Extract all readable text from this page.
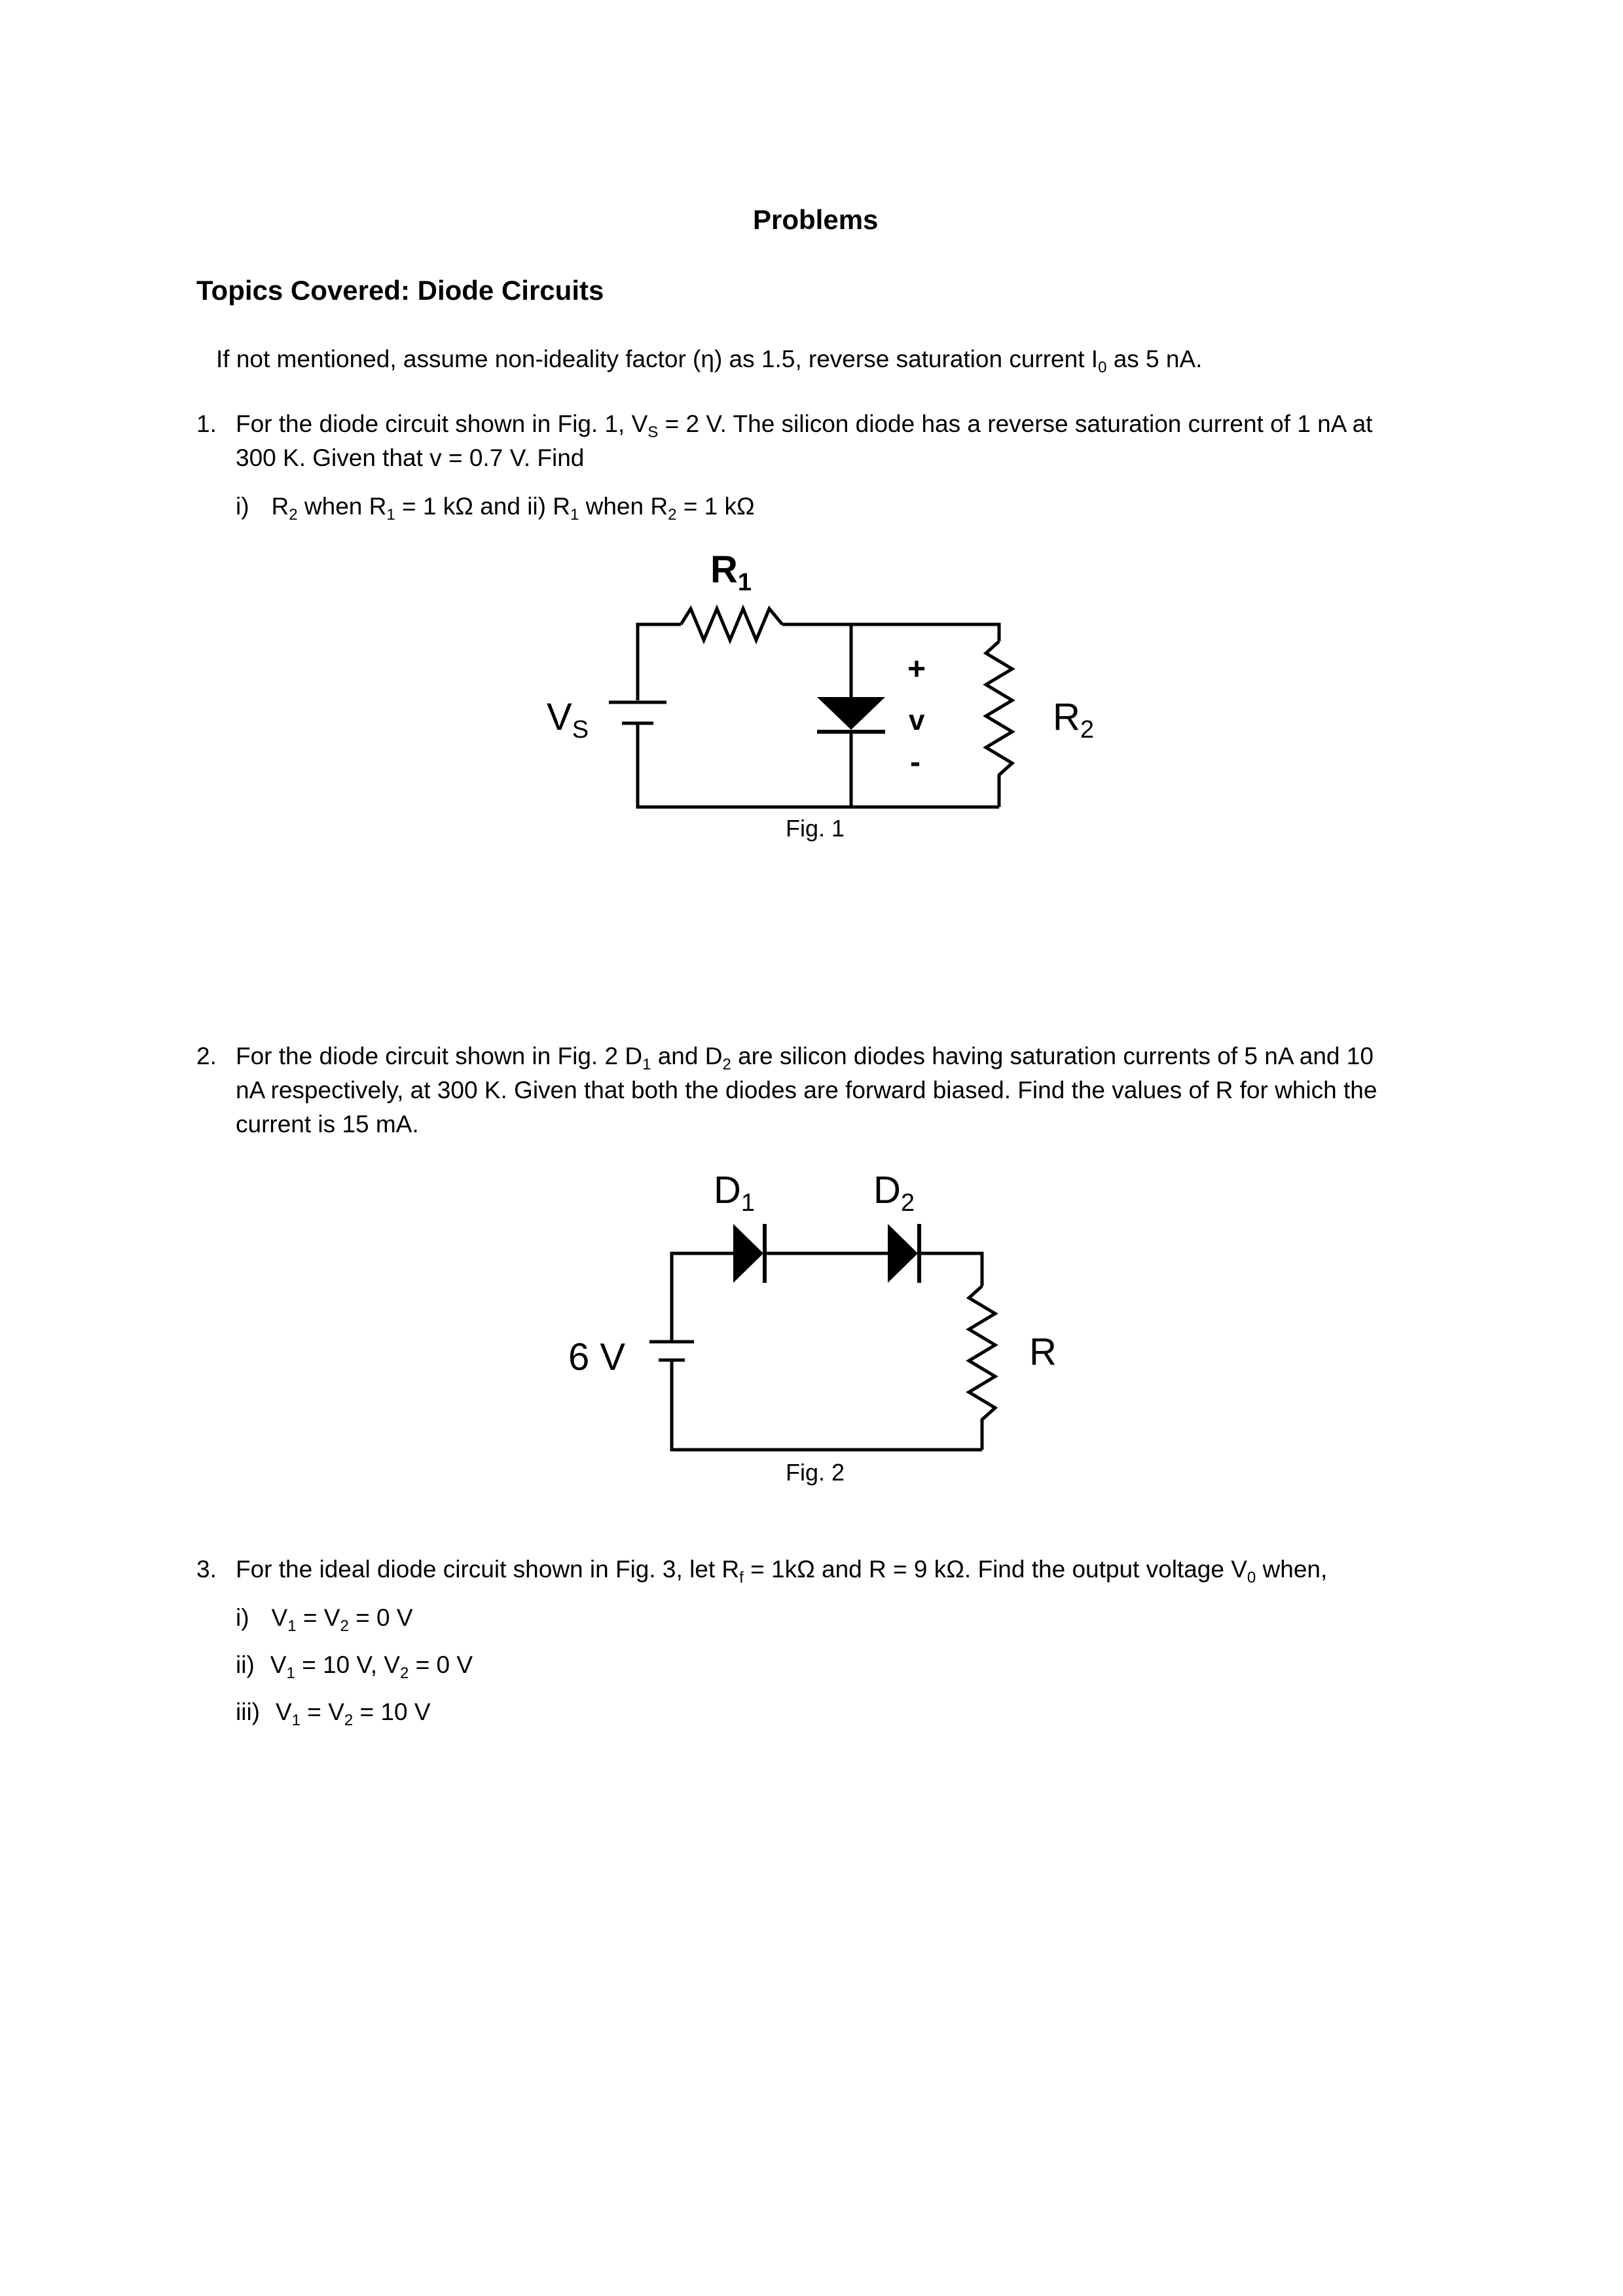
Problems
Topics Covered: Diode Circuits
If not mentioned, assume non-ideality factor (η) as 1.5, reverse saturation current $I_0$ as 5 nA.
1. For the diode circuit shown in Fig. 1, $V_S = 2$ V. The silicon diode has a reverse saturation current of 1 nA at
300 K. Given that v = 0.7 V. Find
i) $R_2$ when $R_1 = 1$ kΩ and ii) $R_1$ when $R_2 = 1$ kΩ
$R_1$
$V_S$	$R_2$
+
v
-
Fig. 1
2. For the diode circuit shown in Fig. 2 $D_1$ and $D_2$ are silicon diodes having saturation currents of 5 nA and 10
nA respectively, at 300 K. Given that both the diodes are forward biased. Find the values of R for which the
current is 15 mA.
$D_1$	$D_2$
6 V	R
Fig. 2
3. For the ideal diode circuit shown in Fig. 3, let $R_f = 1k\Omega$ and R = 9 kΩ. Find the output voltage $V_0$ when,
i) $V_1 = V_2 = 0$ V
ii) $V_1 = 10$ V, $V_2 = 0$ V
iii) $V_1 = V_2 = 10$ V
